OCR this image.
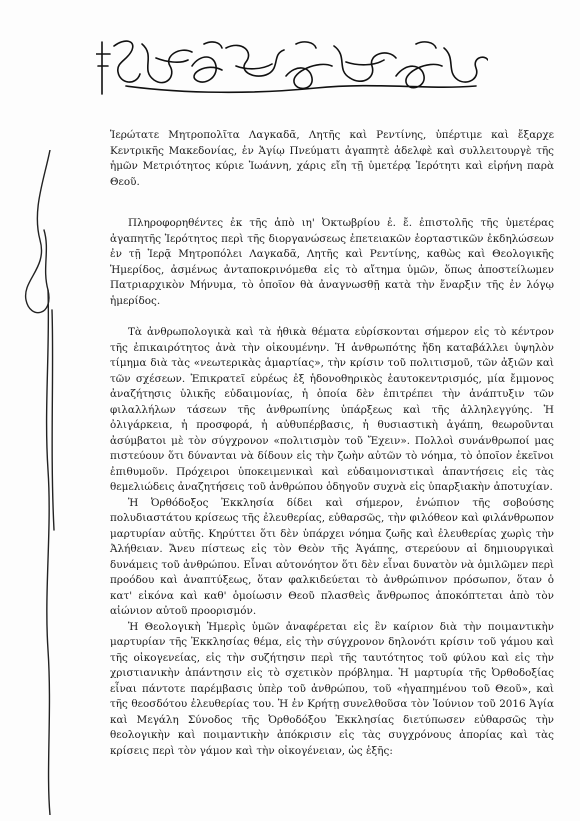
Ἱερώτατε Μητροπολῖτα Λαγκαδᾶ, Λητῆς καὶ Ρεντίνης, ὑπέρτιμε καὶ ἔξαρχε Κεντρικῆς Μακεδονίας, ἐν Ἁγίῳ Πνεύματι ἀγαπητὲ ἀδελφὲ καὶ συλλειτουργὲ τῆς ἡμῶν Μετριότητος κύριε Ἰωάννη, χάρις εἴη τῇ ὑμετέρᾳ Ἱερότητι καὶ εἰρήνη παρὰ Θεοῦ.

Πληροφορηθέντες ἐκ τῆς ἀπὸ ιη' Ὀκτωβρίου ἐ. ἔ. ἐπιστολῆς τῆς ὑμετέρας ἀγαπητῆς Ἱερότητος περὶ τῆς διοργανώσεως ἐπετειακῶν ἑορταστικῶν ἐκδηλώσεων ἐν τῇ Ἱερᾷ Μητροπόλει Λαγκαδᾶ, Λητῆς καὶ Ρεντίνης, καθὼς καὶ Θεολογικῆς Ἡμερίδος, ἀσμένως ἀνταποκρινόμεθα εἰς τὸ αἴτημα ὑμῶν, ὅπως ἀποστείλωμεν Πατριαρχικὸν Μήνυμα, τὸ ὁποῖον θὰ ἀναγνωσθῇ κατὰ τὴν ἔναρξιν τῆς ἐν λόγῳ ἡμερίδος.

Τὰ ἀνθρωπολογικὰ καὶ τὰ ἠθικὰ θέματα εὑρίσκονται σήμερον εἰς τὸ κέντρον τῆς ἐπικαιρότητος ἀνὰ τὴν οἰκουμένην. Ἡ ἀνθρωπότης ἤδη καταβάλλει ὑψηλὸν τίμημα διὰ τὰς «νεωτερικὰς ἁμαρτίας», τὴν κρίσιν τοῦ πολιτισμοῦ, τῶν ἀξιῶν καὶ τῶν σχέσεων. Ἐπικρατεῖ εὐρέως ἐξ ἡδονοθηρικὸς ἑαυτοκεντρισμός, μία ἔμμονος ἀναζήτησις ὑλικῆς εὐδαιμονίας, ἡ ὁποία δὲν ἐπιτρέπει τὴν ἀνάπτυξιν τῶν φιλαλλήλων τάσεων τῆς ἀνθρωπίνης ὑπάρξεως καὶ τῆς ἀλληλεγγύης. Ἡ ὀλιγάρκεια, ἡ προσφορά, ἡ αὐθυπέρβασις, ἡ θυσιαστικὴ ἀγάπη, θεωροῦνται ἀσύμβατοι μὲ τὸν σύγχρονον «πολιτισμὸν τοῦ Ἔχειν». Πολλοὶ συνάνθρωποί μας πιστεύουν ὅτι δύνανται νὰ δίδουν εἰς τὴν ζωὴν αὐτῶν τὸ νόημα, τὸ ὁποῖον ἐκεῖνοι ἐπιθυμοῦν. Πρόχειροι ὑποκειμενικαὶ καὶ εὐδαιμονιστικαὶ ἀπαντήσεις εἰς τὰς θεμελιώδεις ἀναζητήσεις τοῦ ἀνθρώπου ὁδηγοῦν συχνὰ εἰς ὑπαρξιακὴν ἀποτυχίαν.

Ἡ Ὀρθόδοξος Ἐκκλησία δίδει καὶ σήμερον, ἐνώπιον τῆς σοβούσης πολυδιαστάτου κρίσεως τῆς ἐλευθερίας, εὐθαρσῶς, τὴν φιλόθεον καὶ φιλάνθρωπον μαρτυρίαν αὐτῆς. Κηρύττει ὅτι δὲν ὑπάρχει νόημα ζωῆς καὶ ἐλευθερίας χωρὶς τὴν Ἀλήθειαν. Ἄνευ πίστεως εἰς τὸν Θεὸν τῆς Ἀγάπης, στερεύουν αἱ δημιουργικαὶ δυνάμεις τοῦ ἀνθρώπου. Εἶναι αὐτονόητον ὅτι δὲν εἶναι δυνατὸν νὰ ὁμιλῶμεν περὶ προόδου καὶ ἀναπτύξεως, ὅταν φαλκιδεύεται τὸ ἀνθρώπινον πρόσωπον, ὅταν ὁ κατ' εἰκόνα καὶ καθ' ὁμοίωσιν Θεοῦ πλασθεὶς ἄνθρωπος ἀποκόπτεται ἀπὸ τὸν αἰώνιον αὐτοῦ προορισμόν.

Ἡ Θεολογικὴ Ἡμερὶς ὑμῶν ἀναφέρεται εἰς ἓν καίριον διὰ τὴν ποιμαντικὴν μαρτυρίαν τῆς Ἐκκλησίας θέμα, εἰς τὴν σύγχρονον δηλονότι κρίσιν τοῦ γάμου καὶ τῆς οἰκογενείας, εἰς τὴν συζήτησιν περὶ τῆς ταυτότητος τοῦ φύλου καὶ εἰς τὴν χριστιανικὴν ἀπάντησιν εἰς τὸ σχετικὸν πρόβλημα. Ἡ μαρτυρία τῆς Ὀρθοδοξίας εἶναι πάντοτε παρέμβασις ὑπὲρ τοῦ ἀνθρώπου, τοῦ «ἠγαπημένου τοῦ Θεοῦ», καὶ τῆς θεοσδότου ἐλευθερίας του. Ἡ ἐν Κρήτῃ συνελθοῦσα τὸν Ἰούνιον τοῦ 2016 Ἁγία καὶ Μεγάλη Σύνοδος τῆς Ὀρθοδόξου Ἐκκλησίας διετύπωσεν εὐθαρσῶς τὴν θεολογικὴν καὶ ποιμαντικὴν ἀπόκρισιν εἰς τὰς συγχρόνους ἀπορίας καὶ τὰς κρίσεις περὶ τὸν γάμον καὶ τὴν οἰκογένειαν, ὡς ἑξῆς:
